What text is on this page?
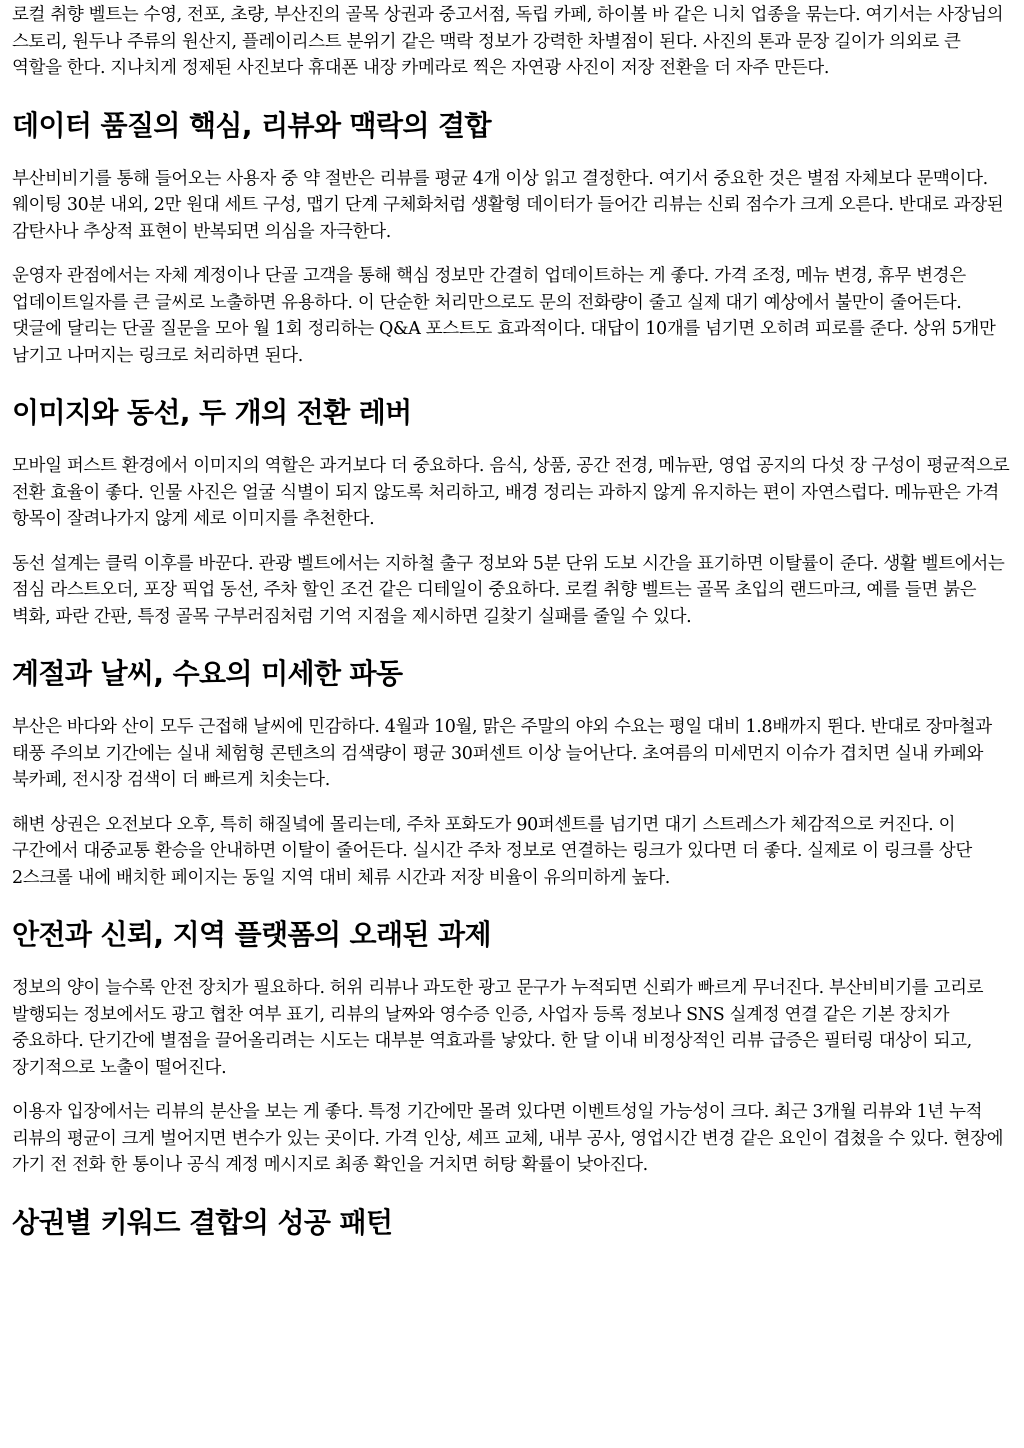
로컬 취향 벨트는 수영, 전포, 초량, 부산진의 골목 상권과 중고서점, 독립 카페, 하이볼 바 같은 니치 업종을 묶는다. 여기서는 사장님의 스토리, 원두나 주류의 원산지, 플레이리스트 분위기 같은 맥락 정보가 강력한 차별점이 된다. 사진의 톤과 문장 길이가 의외로 큰 역할을 한다. 지나치게 정제된 사진보다 휴대폰 내장 카메라로 찍은 자연광 사진이 저장 전환을 더 자주 만든다.

데이터 품질의 핵심, 리뷰와 맥락의 결합

부산비비기를 통해 들어오는 사용자 중 약 절반은 리뷰를 평균 4개 이상 읽고 결정한다. 여기서 중요한 것은 별점 자체보다 문맥이다. 웨이팅 30분 내외, 2만 원대 세트 구성, 맵기 단계 구체화처럼 생활형 데이터가 들어간 리뷰는 신뢰 점수가 크게 오른다. 반대로 과장된 감탄사나 추상적 표현이 반복되면 의심을 자극한다.

운영자 관점에서는 자체 계정이나 단골 고객을 통해 핵심 정보만 간결히 업데이트하는 게 좋다. 가격 조정, 메뉴 변경, 휴무 변경은 업데이트일자를 큰 글씨로 노출하면 유용하다. 이 단순한 처리만으로도 문의 전화량이 줄고 실제 대기 예상에서 불만이 줄어든다. 댓글에 달리는 단골 질문을 모아 월 1회 정리하는 Q&A 포스트도 효과적이다. 대답이 10개를 넘기면 오히려 피로를 준다. 상위 5개만 남기고 나머지는 링크로 처리하면 된다.

이미지와 동선, 두 개의 전환 레버

모바일 퍼스트 환경에서 이미지의 역할은 과거보다 더 중요하다. 음식, 상품, 공간 전경, 메뉴판, 영업 공지의 다섯 장 구성이 평균적으로 전환 효율이 좋다. 인물 사진은 얼굴 식별이 되지 않도록 처리하고, 배경 정리는 과하지 않게 유지하는 편이 자연스럽다. 메뉴판은 가격 항목이 잘려나가지 않게 세로 이미지를 추천한다.

동선 설계는 클릭 이후를 바꾼다. 관광 벨트에서는 지하철 출구 정보와 5분 단위 도보 시간을 표기하면 이탈률이 준다. 생활 벨트에서는 점심 라스트오더, 포장 픽업 동선, 주차 할인 조건 같은 디테일이 중요하다. 로컬 취향 벨트는 골목 초입의 랜드마크, 예를 들면 붉은 벽화, 파란 간판, 특정 골목 구부러짐처럼 기억 지점을 제시하면 길찾기 실패를 줄일 수 있다.

계절과 날씨, 수요의 미세한 파동

부산은 바다와 산이 모두 근접해 날씨에 민감하다. 4월과 10월, 맑은 주말의 야외 수요는 평일 대비 1.8배까지 뛴다. 반대로 장마철과 태풍 주의보 기간에는 실내 체험형 콘텐츠의 검색량이 평균 30퍼센트 이상 늘어난다. 초여름의 미세먼지 이슈가 겹치면 실내 카페와 북카페, 전시장 검색이 더 빠르게 치솟는다.

해변 상권은 오전보다 오후, 특히 해질녘에 몰리는데, 주차 포화도가 90퍼센트를 넘기면 대기 스트레스가 체감적으로 커진다. 이 구간에서 대중교통 환승을 안내하면 이탈이 줄어든다. 실시간 주차 정보로 연결하는 링크가 있다면 더 좋다. 실제로 이 링크를 상단 2스크롤 내에 배치한 페이지는 동일 지역 대비 체류 시간과 저장 비율이 유의미하게 높다.

안전과 신뢰, 지역 플랫폼의 오래된 과제

정보의 양이 늘수록 안전 장치가 필요하다. 허위 리뷰나 과도한 광고 문구가 누적되면 신뢰가 빠르게 무너진다. 부산비비기를 고리로 발행되는 정보에서도 광고 협찬 여부 표기, 리뷰의 날짜와 영수증 인증, 사업자 등록 정보나 SNS 실계정 연결 같은 기본 장치가 중요하다. 단기간에 별점을 끌어올리려는 시도는 대부분 역효과를 낳았다. 한 달 이내 비정상적인 리뷰 급증은 필터링 대상이 되고, 장기적으로 노출이 떨어진다.

이용자 입장에서는 리뷰의 분산을 보는 게 좋다. 특정 기간에만 몰려 있다면 이벤트성일 가능성이 크다. 최근 3개월 리뷰와 1년 누적 리뷰의 평균이 크게 벌어지면 변수가 있는 곳이다. 가격 인상, 셰프 교체, 내부 공사, 영업시간 변경 같은 요인이 겹쳤을 수 있다. 현장에 가기 전 전화 한 통이나 공식 계정 메시지로 최종 확인을 거치면 허탕 확률이 낮아진다.

상권별 키워드 결합의 성공 패턴
